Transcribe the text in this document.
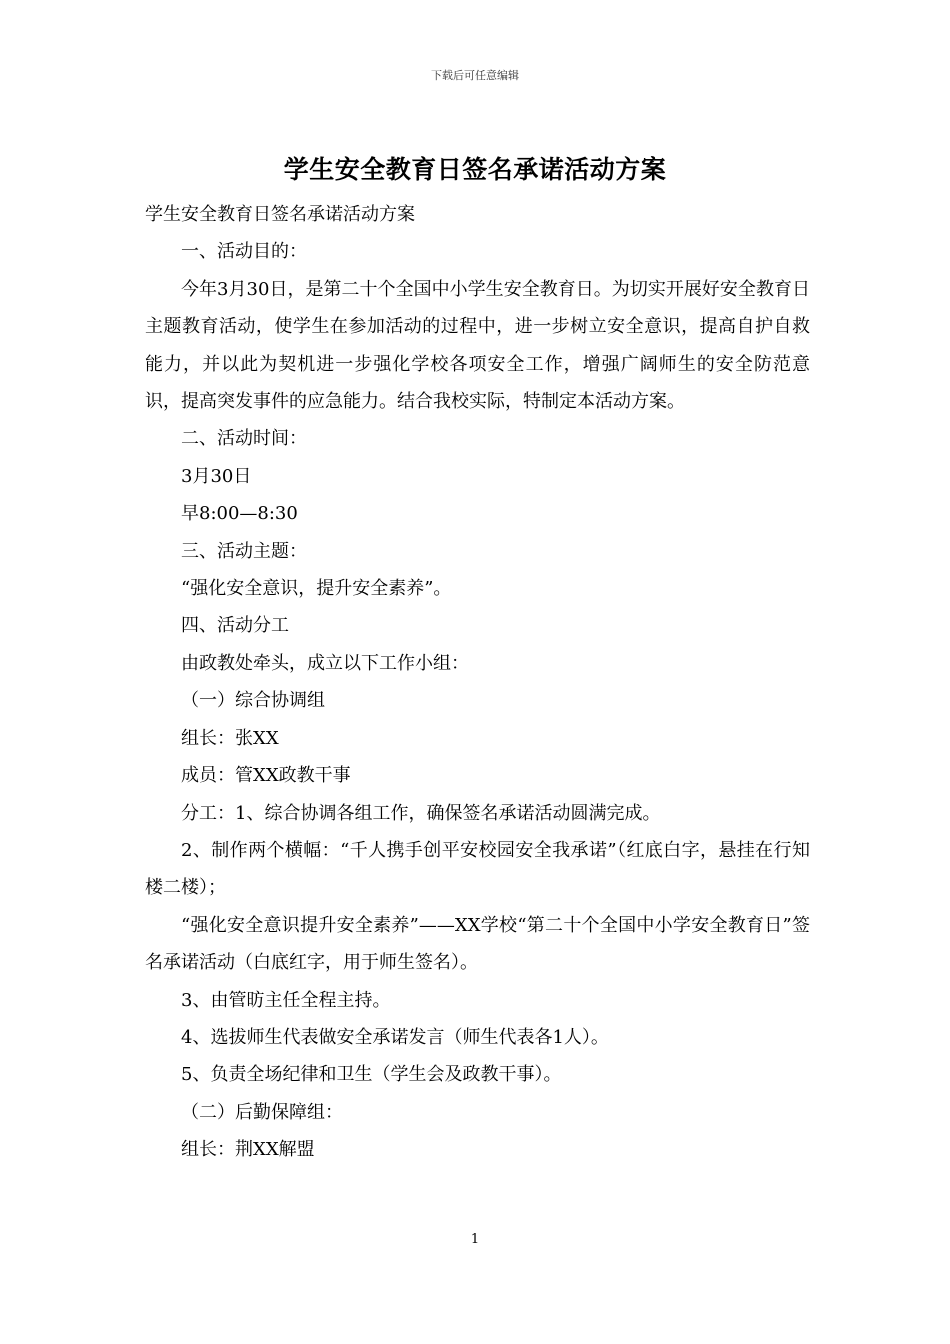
下载后可任意编辑
学生安全教育日签名承诺活动方案

学生安全教育日签名承诺活动方案

一、活动目的：

今年3月30日，是第二十个全国中小学生安全教育日。为切实开展好安全教育日主题教育活动，使学生在参加活动的过程中，进一步树立安全意识，提高自护自救能力，并以此为契机进一步强化学校各项安全工作，增强广阔师生的安全防范意识，提高突发事件的应急能力。结合我校实际，特制定本活动方案。

二、活动时间：

3月30日

早8:00—8:30

三、活动主题：

“强化安全意识，提升安全素养”。

四、活动分工

由政教处牵头，成立以下工作小组：

（一）综合协调组

组长：张XX

成员：管XX政教干事

分工：1、综合协调各组工作，确保签名承诺活动圆满完成。

2、制作两个横幅：“千人携手创平安校园安全我承诺”（红底白字，悬挂在行知楼二楼）；

“强化安全意识提升安全素养”——XX学校“第二十个全国中小学安全教育日”签名承诺活动（白底红字，用于师生签名）。

3、由管昉主任全程主持。

4、选拔师生代表做安全承诺发言（师生代表各1人）。

5、负责全场纪律和卫生（学生会及政教干事）。

（二）后勤保障组：

组长：荆XX解盟

1
